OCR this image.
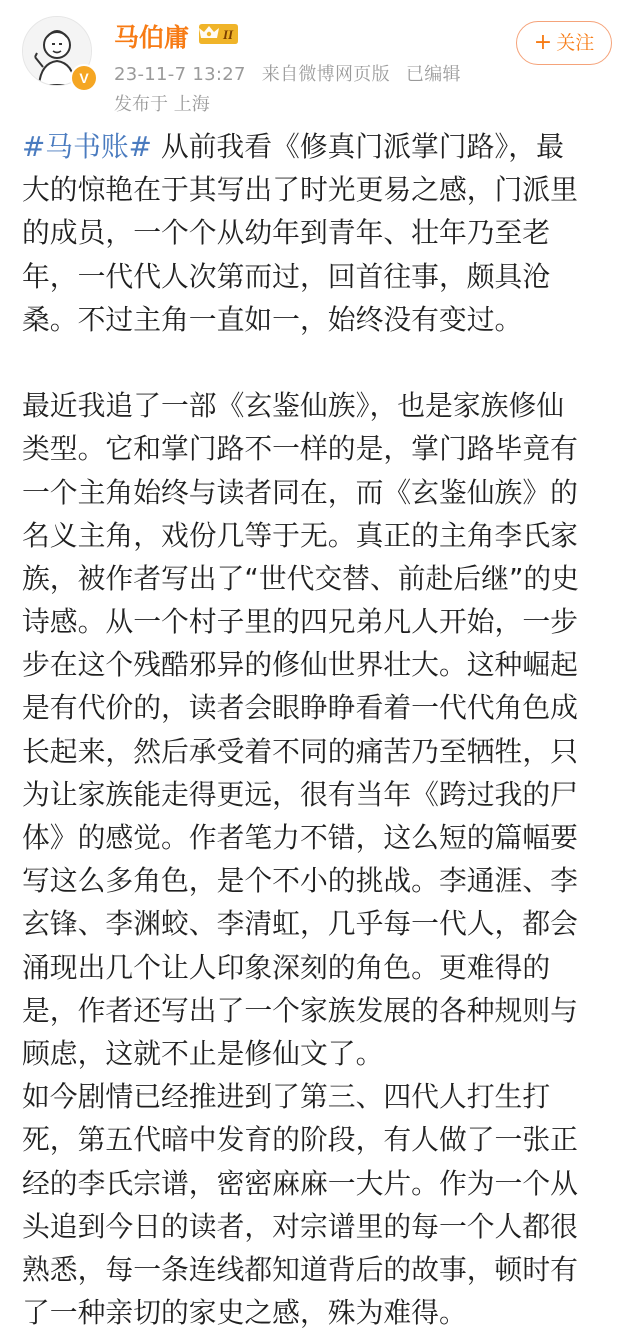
V
马伯庸	II
23-11-7 13:27 来自微博网页版 已编辑
发布于 上海
+ 关注
#马书账# 从前我看《修真门派掌门路》，最
大的惊艳在于其写出了时光更易之感，门派里
的成员，一个个从幼年到青年、壮年乃至老
年，一代代人次第而过，回首往事，颇具沧
桑。不过主角一直如一，始终没有变过。
最近我追了一部《玄鉴仙族》，也是家族修仙
类型。它和掌门路不一样的是，掌门路毕竟有
一个主角始终与读者同在，而《玄鉴仙族》的
名义主角，戏份几等于无。真正的主角李氏家
族，被作者写出了“世代交替、前赴后继”的史
诗感。从一个村子里的四兄弟凡人开始，一步
步在这个残酷邪异的修仙世界壮大。这种崛起
是有代价的，读者会眼睁睁看着一代代角色成
长起来，然后承受着不同的痛苦乃至牺牲，只
为让家族能走得更远，很有当年《跨过我的尸
体》的感觉。作者笔力不错，这么短的篇幅要
写这么多角色，是个不小的挑战。李通涯、李
玄锋、李渊蛟、李清虹，几乎每一代人，都会
涌现出几个让人印象深刻的角色。更难得的
是，作者还写出了一个家族发展的各种规则与
顾虑，这就不止是修仙文了。
如今剧情已经推进到了第三、四代人打生打
死，第五代暗中发育的阶段，有人做了一张正
经的李氏宗谱，密密麻麻一大片。作为一个从
头追到今日的读者，对宗谱里的每一个人都很
熟悉，每一条连线都知道背后的故事，顿时有
了一种亲切的家史之感，殊为难得。
